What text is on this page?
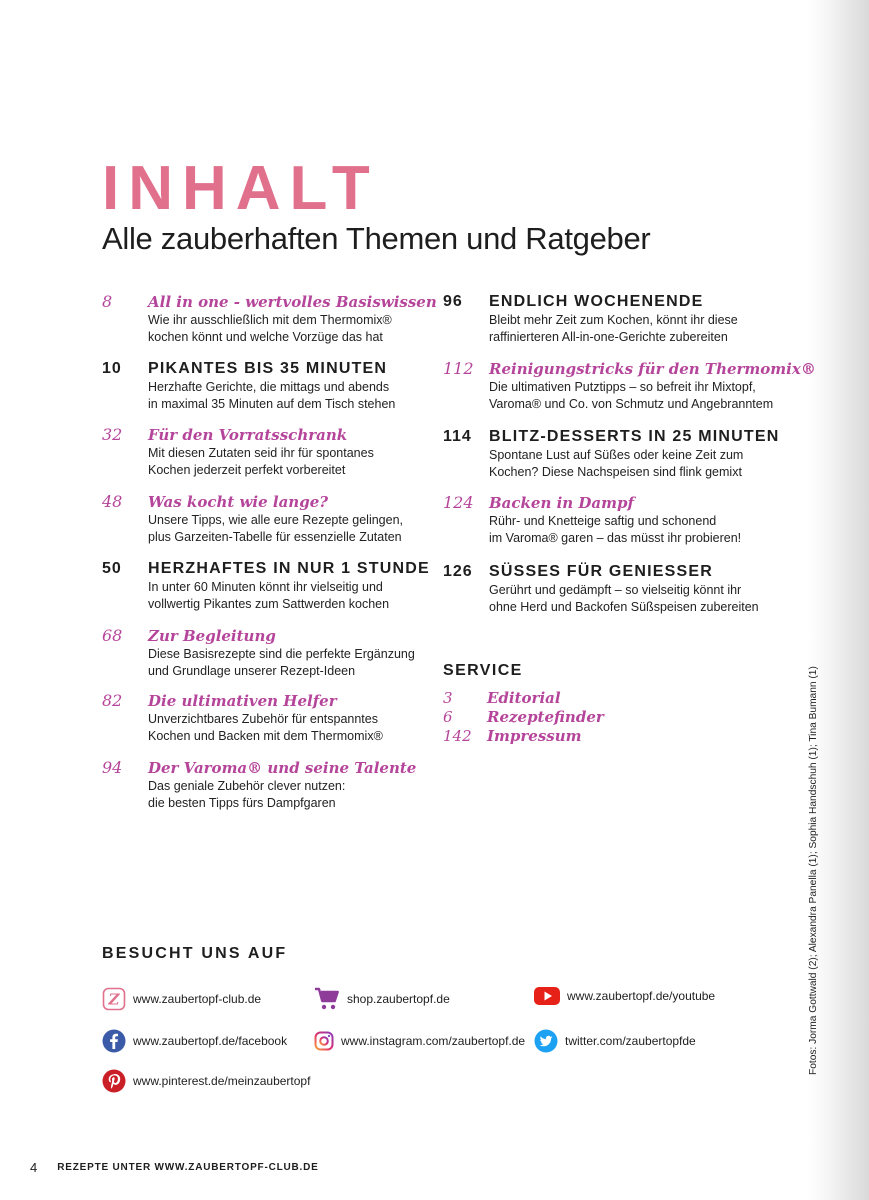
INHALT
Alle zauberhaften Themen und Ratgeber
8 All in one - wertvolles Basiswissen
Wie ihr ausschließlich mit dem Thermomix®
kochen könnt und welche Vorzüge das hat
10 PIKANTES BIS 35 MINUTEN
Herzhafte Gerichte, die mittags und abends
in maximal 35 Minuten auf dem Tisch stehen
32 Für den Vorratsschrank
Mit diesen Zutaten seid ihr für spontanes
Kochen jederzeit perfekt vorbereitet
48 Was kocht wie lange?
Unsere Tipps, wie alle eure Rezepte gelingen,
plus Garzeiten-Tabelle für essenzielle Zutaten
50 HERZHAFTES IN NUR 1 STUNDE
In unter 60 Minuten könnt ihr vielseitig und
vollwertig Pikantes zum Sattwerden kochen
68 Zur Begleitung
Diese Basisrezepte sind die perfekte Ergänzung
und Grundlage unserer Rezept-Ideen
82 Die ultimativen Helfer
Unverzichtbares Zubehör für entspanntes
Kochen und Backen mit dem Thermomix®
94 Der Varoma® und seine Talente
Das geniale Zubehör clever nutzen:
die besten Tipps fürs Dampfgaren
96 ENDLICH WOCHENENDE
Bleibt mehr Zeit zum Kochen, könnt ihr diese
raffinierteren All-in-one-Gerichte zubereiten
112 Reinigungstricks für den Thermomix®
Die ultimativen Putztipps – so befreit ihr Mixtopf,
Varoma® und Co. von Schmutz und Angebranntem
114 BLITZ-DESSERTS IN 25 MINUTEN
Spontane Lust auf Süßes oder keine Zeit zum
Kochen? Diese Nachspeisen sind flink gemixt
124 Backen in Dampf
Rühr- und Knetteige saftig und schonend
im Varoma® garen – das müsst ihr probieren!
126 SÜSSES FÜR GENIESSER
Gerührt und gedämpft – so vielseitig könnt ihr
ohne Herd und Backofen Süßspeisen zubereiten
SERVICE
3 Editorial
6 Rezeptefinder
142 Impressum
BESUCHT UNS AUF
Z www.zaubertopf-club.de	shop.zaubertopf.de	www.zaubertopf.de/youtube
www.zaubertopf.de/facebook	www.instagram.com/zaubertopf.de	twitter.com/zaubertopfde
www.pinterest.de/meinzaubertopf
Fotos: Jorma Gottwald (2); Alexandra Panella (1); Sophia Handschuh (1); Tina Bumann (1)
4 REZEPTE UNTER WWW.ZAUBERTOPF-CLUB.DE
